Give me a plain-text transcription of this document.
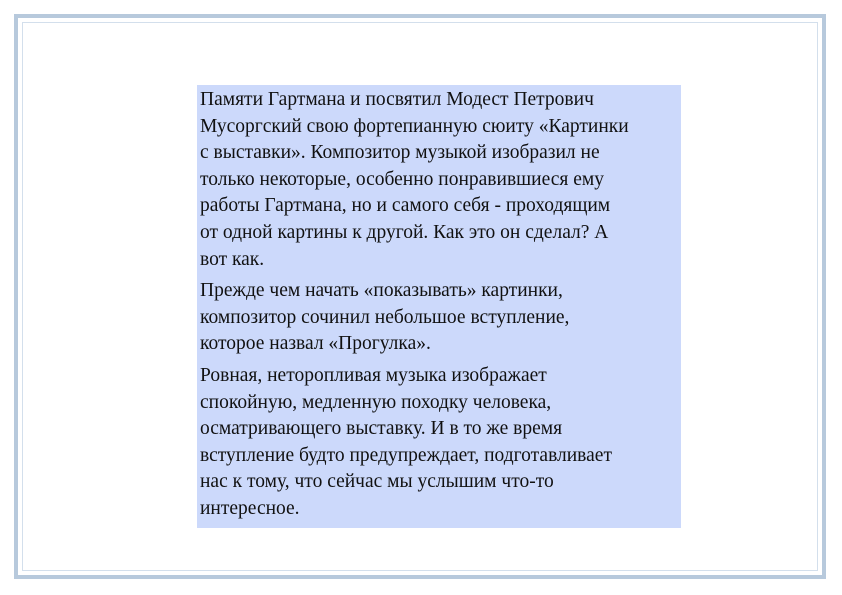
Памяти Гартмана и посвятил Модест Петрович
Мусоргский свою фортепианную сюиту «Картинки
с выставки». Композитор музыкой изобразил не
только некоторые, особенно понравившиеся ему
работы Гартмана, но и самого себя - проходящим
от одной картины к другой. Как это он сделал? А
вот как.

Прежде чем начать «показывать» картинки,
композитор сочинил небольшое вступление,
которое назвал «Прогулка».

Ровная, неторопливая музыка изображает
спокойную, медленную походку человека,
осматривающего выставку. И в то же время
вступление будто предупреждает, подготавливает
нас к тому, что сейчас мы услышим что-то
интересное.
